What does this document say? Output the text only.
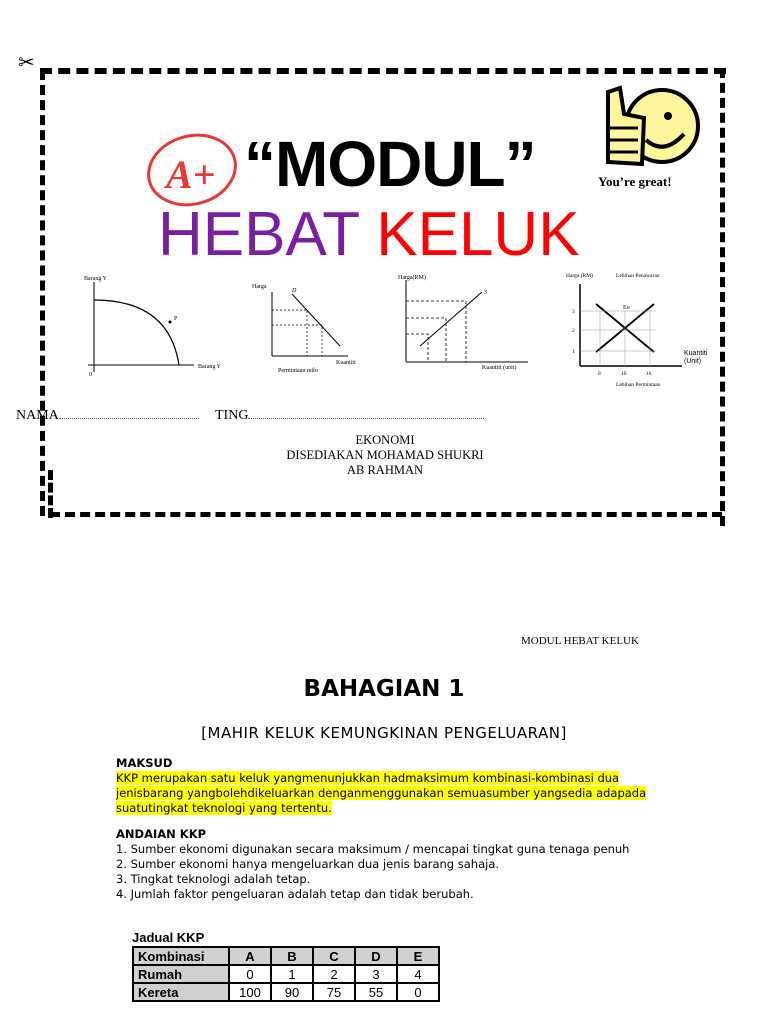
✂
A+ “MODUL”	You’re great!
HEBAT KELUK
P
Barang Y
Barang Y
0
Harga
Kuantiti
Permintaan milo
D
Harga(RM)
Kuantiti (unit)
S
Harga (RM)	Lebihan Penawaran
Lebihan Permintaan
Eo
8	10	16
1
2
3
Kuantiti (Unit)
NAMA	TING
EKONOMI
DISEDIAKAN MOHAMAD SHUKRI
AB RAHMAN
MODUL HEBAT KELUK
BAHAGIAN 1
[MAHIR KELUK KEMUNGKINAN PENGELUARAN]
MAKSUD
KKP merupakan satu keluk yangmenunjukkan hadmaksimum kombinasi-kombinasi dua jenisbarang yangbolehdikeluarkan denganmenggunakan semuasumber yangsedia adapada suatutingkat teknologi yang tertentu.
ANDAIAN KKP
1. Sumber ekonomi digunakan secara maksimum / mencapai tingkat guna tenaga penuh
2. Sumber ekonomi hanya mengeluarkan dua jenis barang sahaja.
3. Tingkat teknologi adalah tetap.
4. Jumlah faktor pengeluaran adalah tetap dan tidak berubah.
Jadual KKP
Kombinasi	A	B	C	D	E
Rumah	0	1	2	3	4
Kereta	100	90	75	55	0
